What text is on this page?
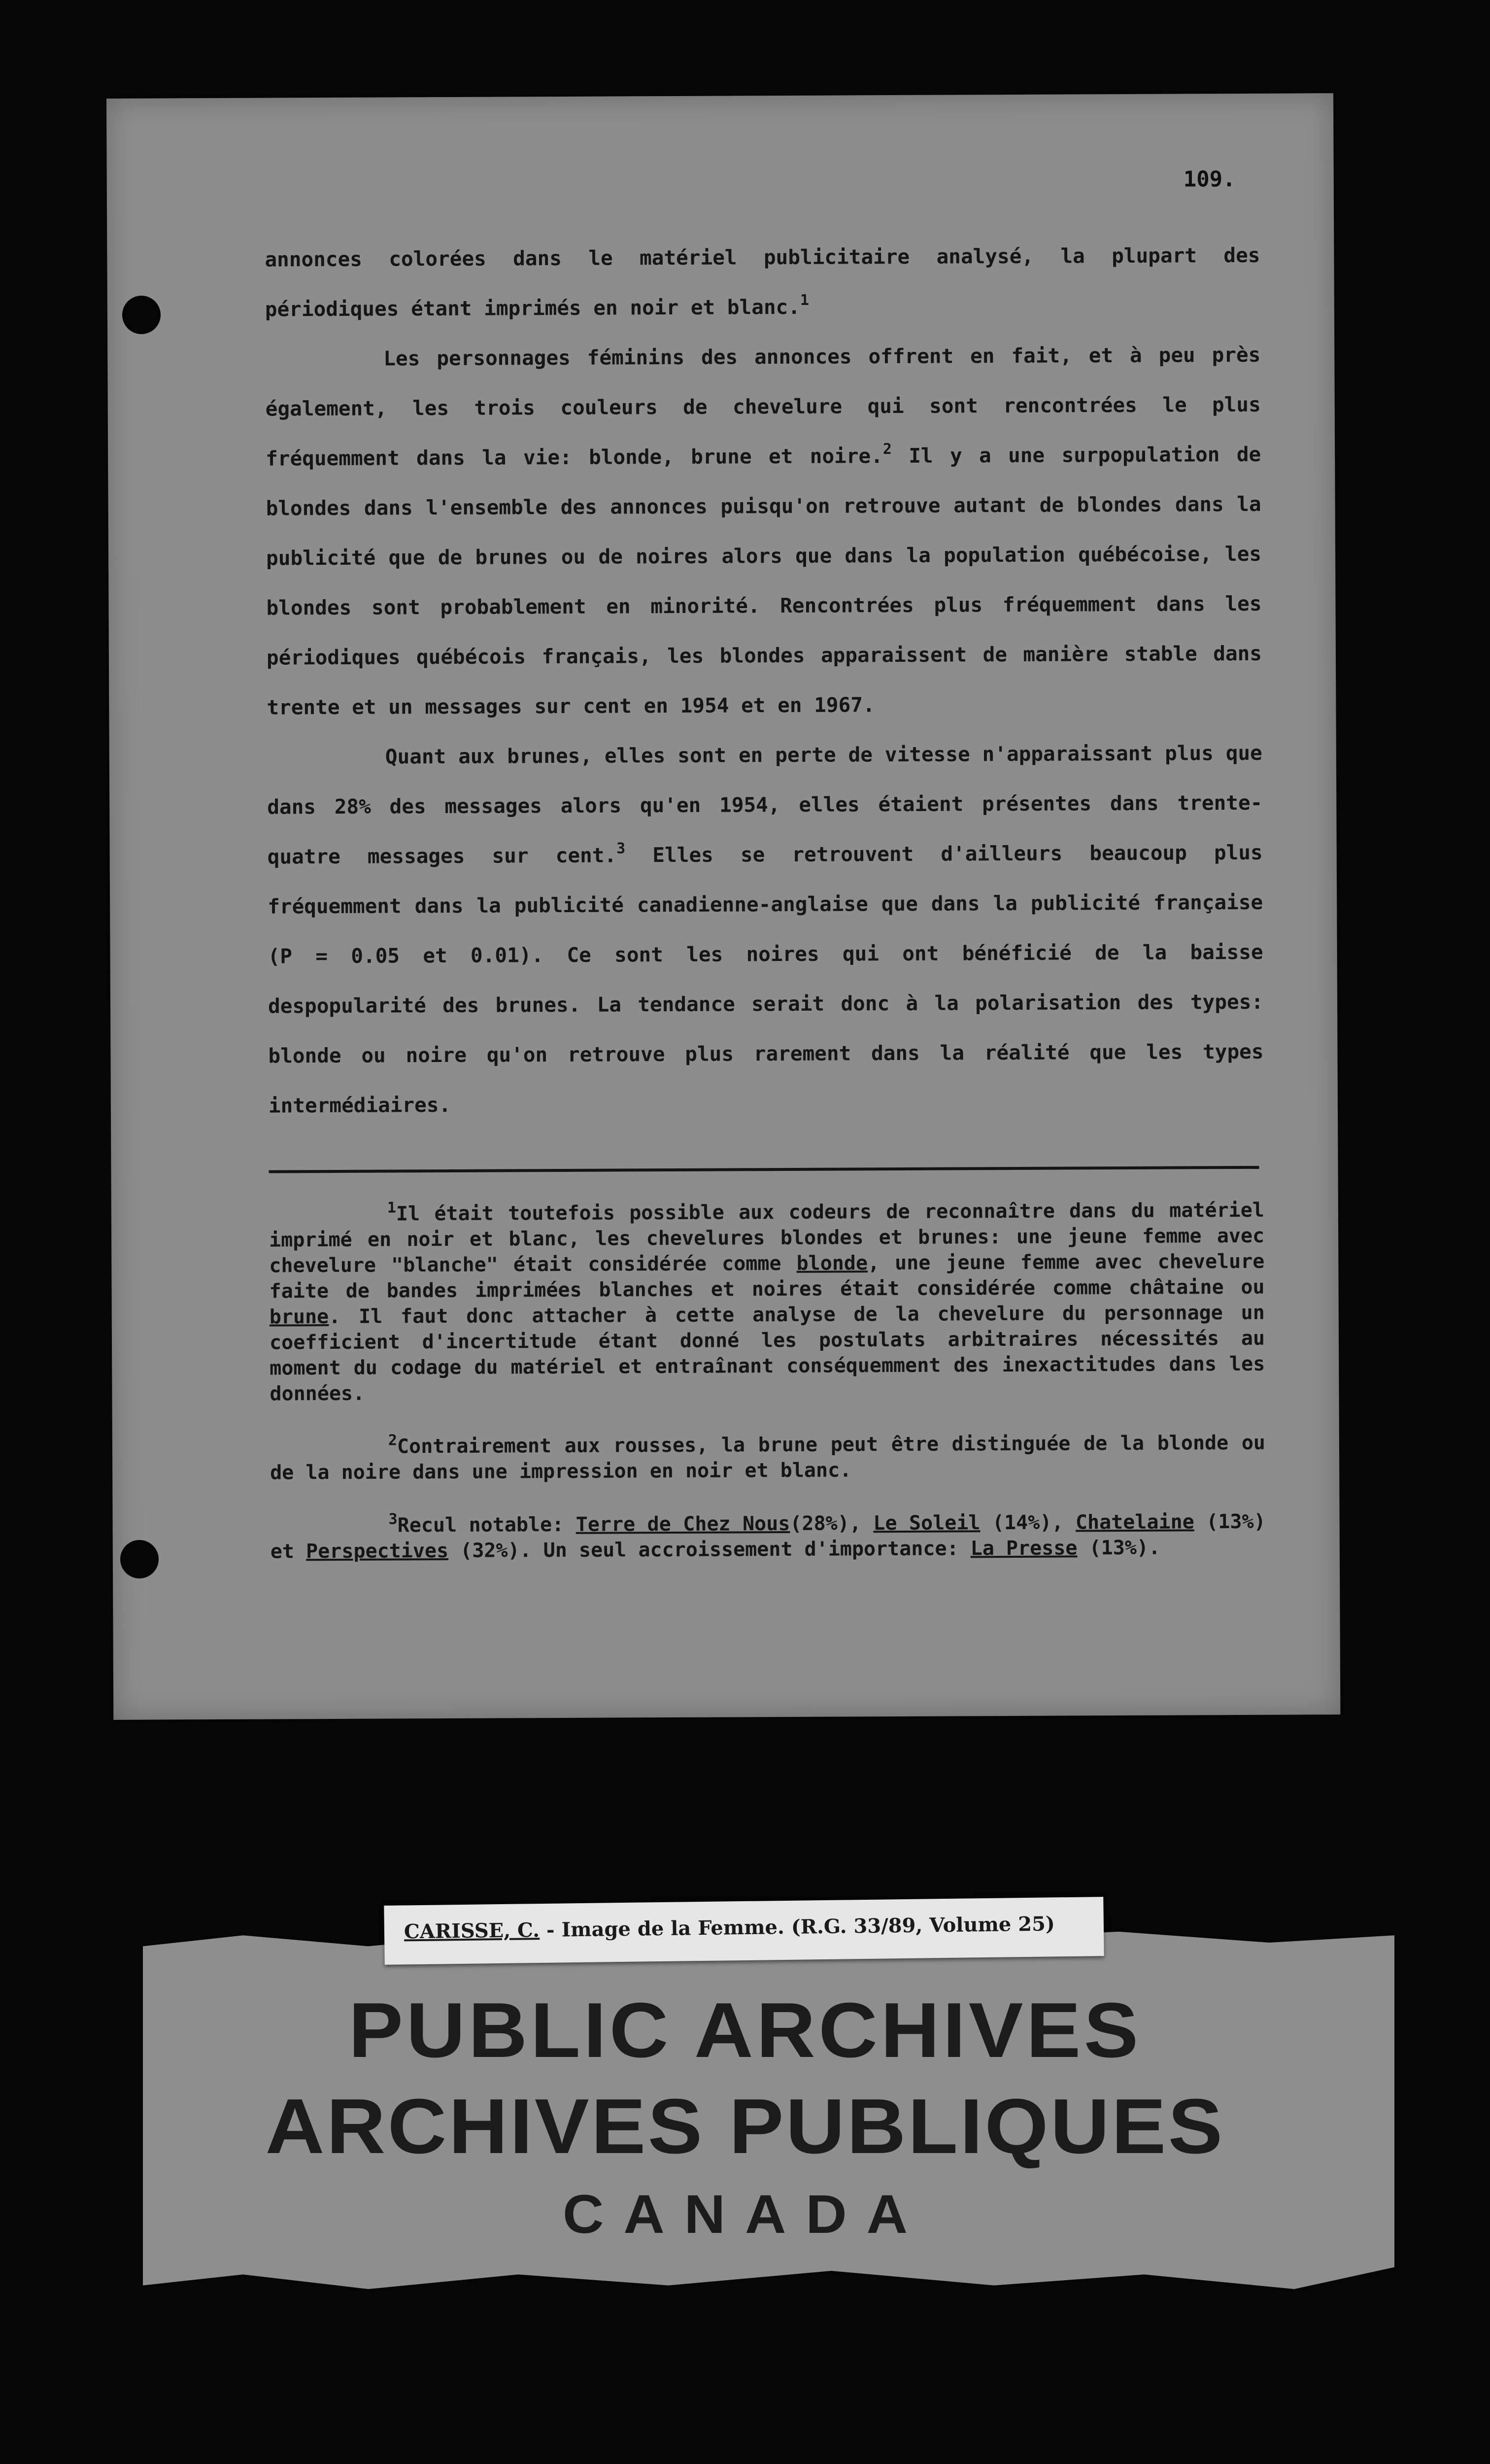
109.

annonces colorées dans le matériel publicitaire analysé, la plupart des périodiques étant imprimés en noir et blanc.$^1$

Les personnages féminins des annonces offrent en fait, et à peu près également, les trois couleurs de chevelure qui sont rencontrées le plus fréquemment dans la vie: blonde, brune et noire.$^2$ Il y a une surpopulation de blondes dans l'ensemble des annonces puisqu'on retrouve autant de blondes dans la publicité que de brunes ou de noires alors que dans la population québécoise, les blondes sont probablement en minorité. Rencontrées plus fréquemment dans les périodiques québécois français, les blondes apparaissent de manière stable dans trente et un messages sur cent en 1954 et en 1967.

Quant aux brunes, elles sont en perte de vitesse n'apparaissant plus que dans 28% des messages alors qu'en 1954, elles étaient présentes dans trente-quatre messages sur cent.$^3$ Elles se retrouvent d'ailleurs beaucoup plus fréquemment dans la publicité canadienne-anglaise que dans la publicité française (P = 0.05 et 0.01). Ce sont les noires qui ont bénéficié de la baisse despopularité des brunes. La tendance serait donc à la polarisation des types: blonde ou noire qu'on retrouve plus rarement dans la réalité que les types intermédiaires.

$^1$Il était toutefois possible aux codeurs de reconnaître dans du matériel imprimé en noir et blanc, les chevelures blondes et brunes: une jeune femme avec chevelure "blanche" était considérée comme blonde, une jeune femme avec chevelure faite de bandes imprimées blanches et noires était considérée comme châtaine ou brune. Il faut donc attacher à cette analyse de la chevelure du personnage un coefficient d'incertitude étant donné les postulats arbitraires nécessités au moment du codage du matériel et entraînant conséquemment des inexactitudes dans les données.

$^2$Contrairement aux rousses, la brune peut être distinguée de la blonde ou de la noire dans une impression en noir et blanc.

$^3$Recul notable: Terre de Chez Nous(28%), Le Soleil (14%), Chatelaine (13%) et Perspectives (32%). Un seul accroissement d'importance: La Presse (13%).

CARISSE, C. - Image de la Femme. (R.G. 33/89, Volume 25)
PUBLIC ARCHIVES
ARCHIVES PUBLIQUES
CANADA
